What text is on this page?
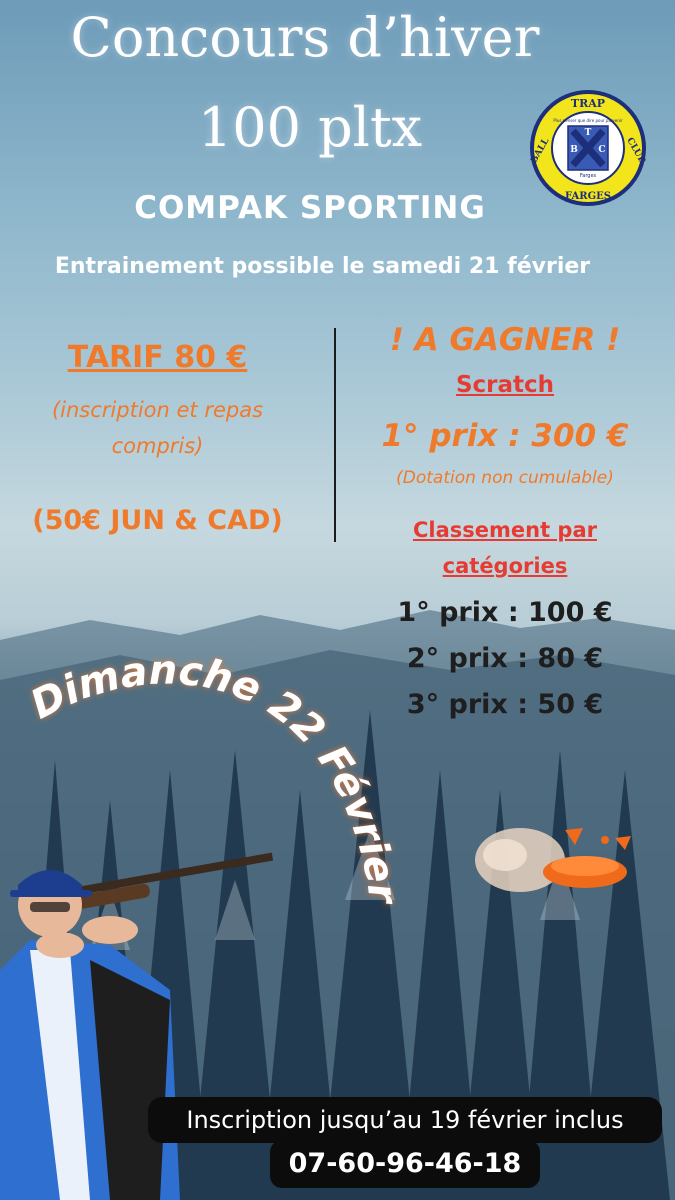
Concours d’hiver
100 pltx	TRAP
BALL	CLUB
FARGES
Plus penser que dire pour parvenir
T
B C
Farges
COMPAK SPORTING
Entrainement possible le samedi 21 février
TARIF 80 €
(inscription et repas
compris)
(50€ JUN & CAD)
! A GAGNER !
Scratch
1° prix : 300 €
(Dotation non cumulable)
Classement par
catégories
1° prix : 100 €
2° prix : 80 €
3° prix : 50 €
Dimanche 22 Février
Inscription jusqu’au 19 février inclus
07-60-96-46-18
